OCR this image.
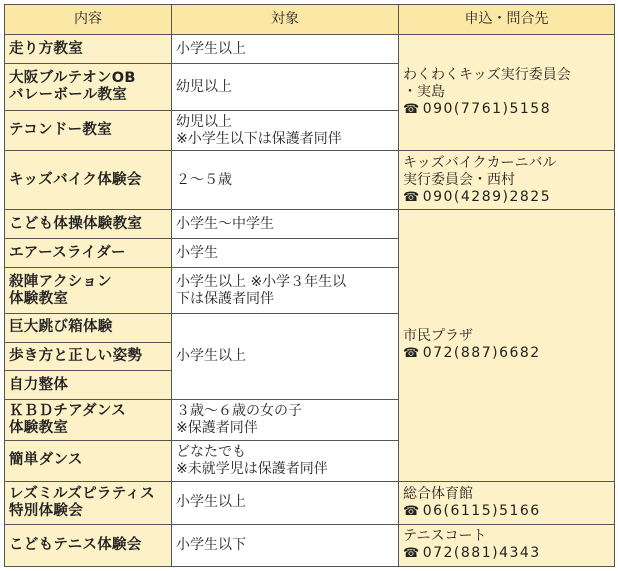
内容	対象	申込・問合先
走り方教室	小学生以上	わくわくキッズ実行委員会
・実島
☎ 090(7761)5158

大阪ブルテオンOB
バレーボール教室	幼児以上	
テコンドー教室	幼児以上
※小学生以下は保護者同伴	

キッズバイク体験会	２～５歳	キッズバイクカーニバル
実行委員会・西村
☎ 090(4289)2825

こども体操体験教室	小学生～中学生	市民プラザ
☎ 072(887)6682

エアースライダー	小学生	

殺陣アクション
体験教室	小学生以上 ※小学３年生以
下は保護者同伴	

巨大跳び箱体験	小学生以上	
歩き方と正しい姿勢		
自力整体		

ＫＢＤチアダンス
体験教室	３歳～６歳の女の子
※保護者同伴	

簡単ダンス	どなたでも
※未就学児は保護者同伴	

レズミルズピラティス
特別体験会	小学生以上	総合体育館
☎ 06(6115)5166

こどもテニス体験会	小学生以下	テニスコート
☎ 072(881)4343
